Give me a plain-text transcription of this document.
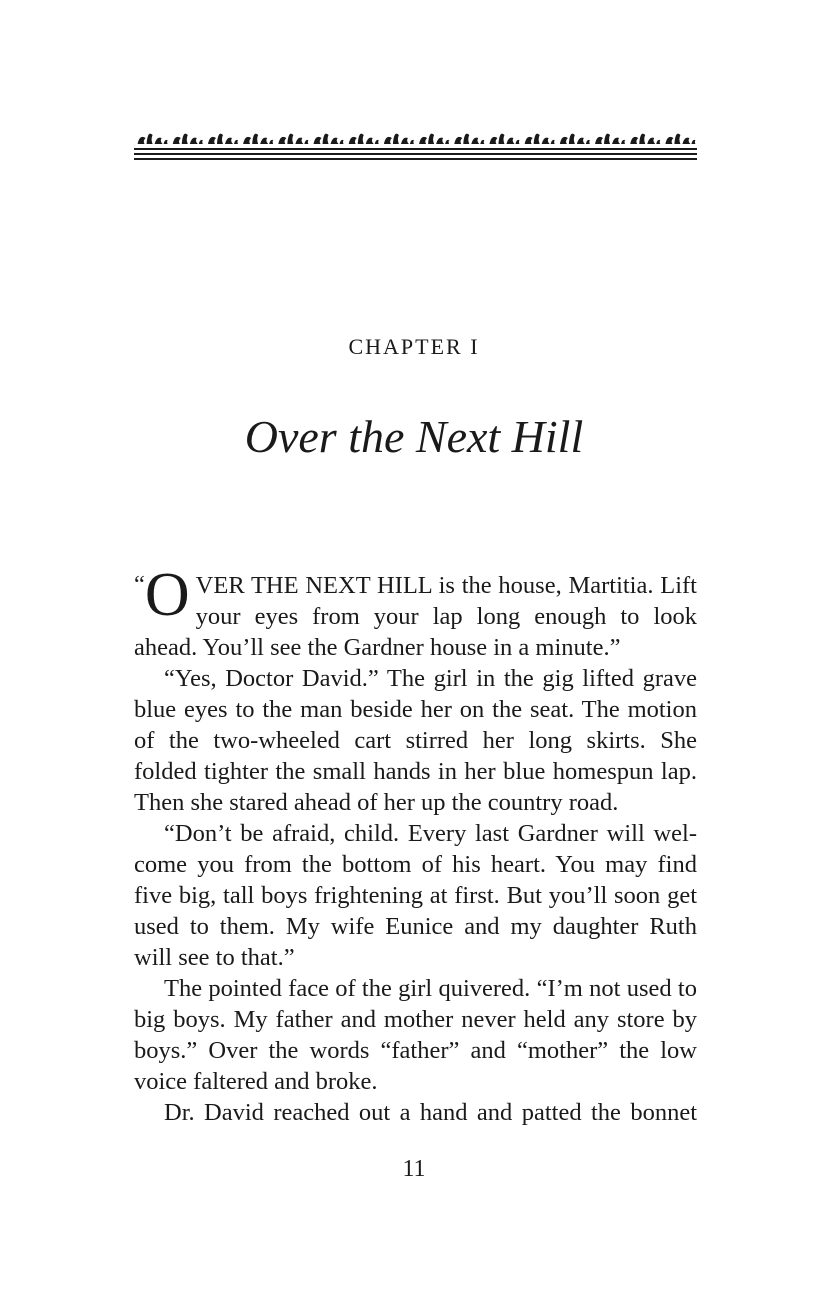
CHAPTER I
Over the Next Hill

“ O VER THE NEXT HILL is the house, Martitia. Lift your eyes from your lap long enough to look ahead. You’ll see the Gardner house in a minute.”

“Yes, Doctor David.” The girl in the gig lifted grave blue eyes to the man beside her on the seat. The motion of the two-wheeled cart stirred her long skirts. She folded tighter the small hands in her blue homespun lap. Then she stared ahead of her up the country road.

“Don’t be afraid, child. Every last Gardner will welcome you from the bottom of his heart. You may find five big, tall boys frightening at first. But you’ll soon get used to them. My wife Eunice and my daughter Ruth will see to that.”

The pointed face of the girl quivered. “I’m not used to big boys. My father and mother never held any store by boys.” Over the words “father” and “mother” the low voice faltered and broke.

Dr. David reached out a hand and patted the bonnet

11
